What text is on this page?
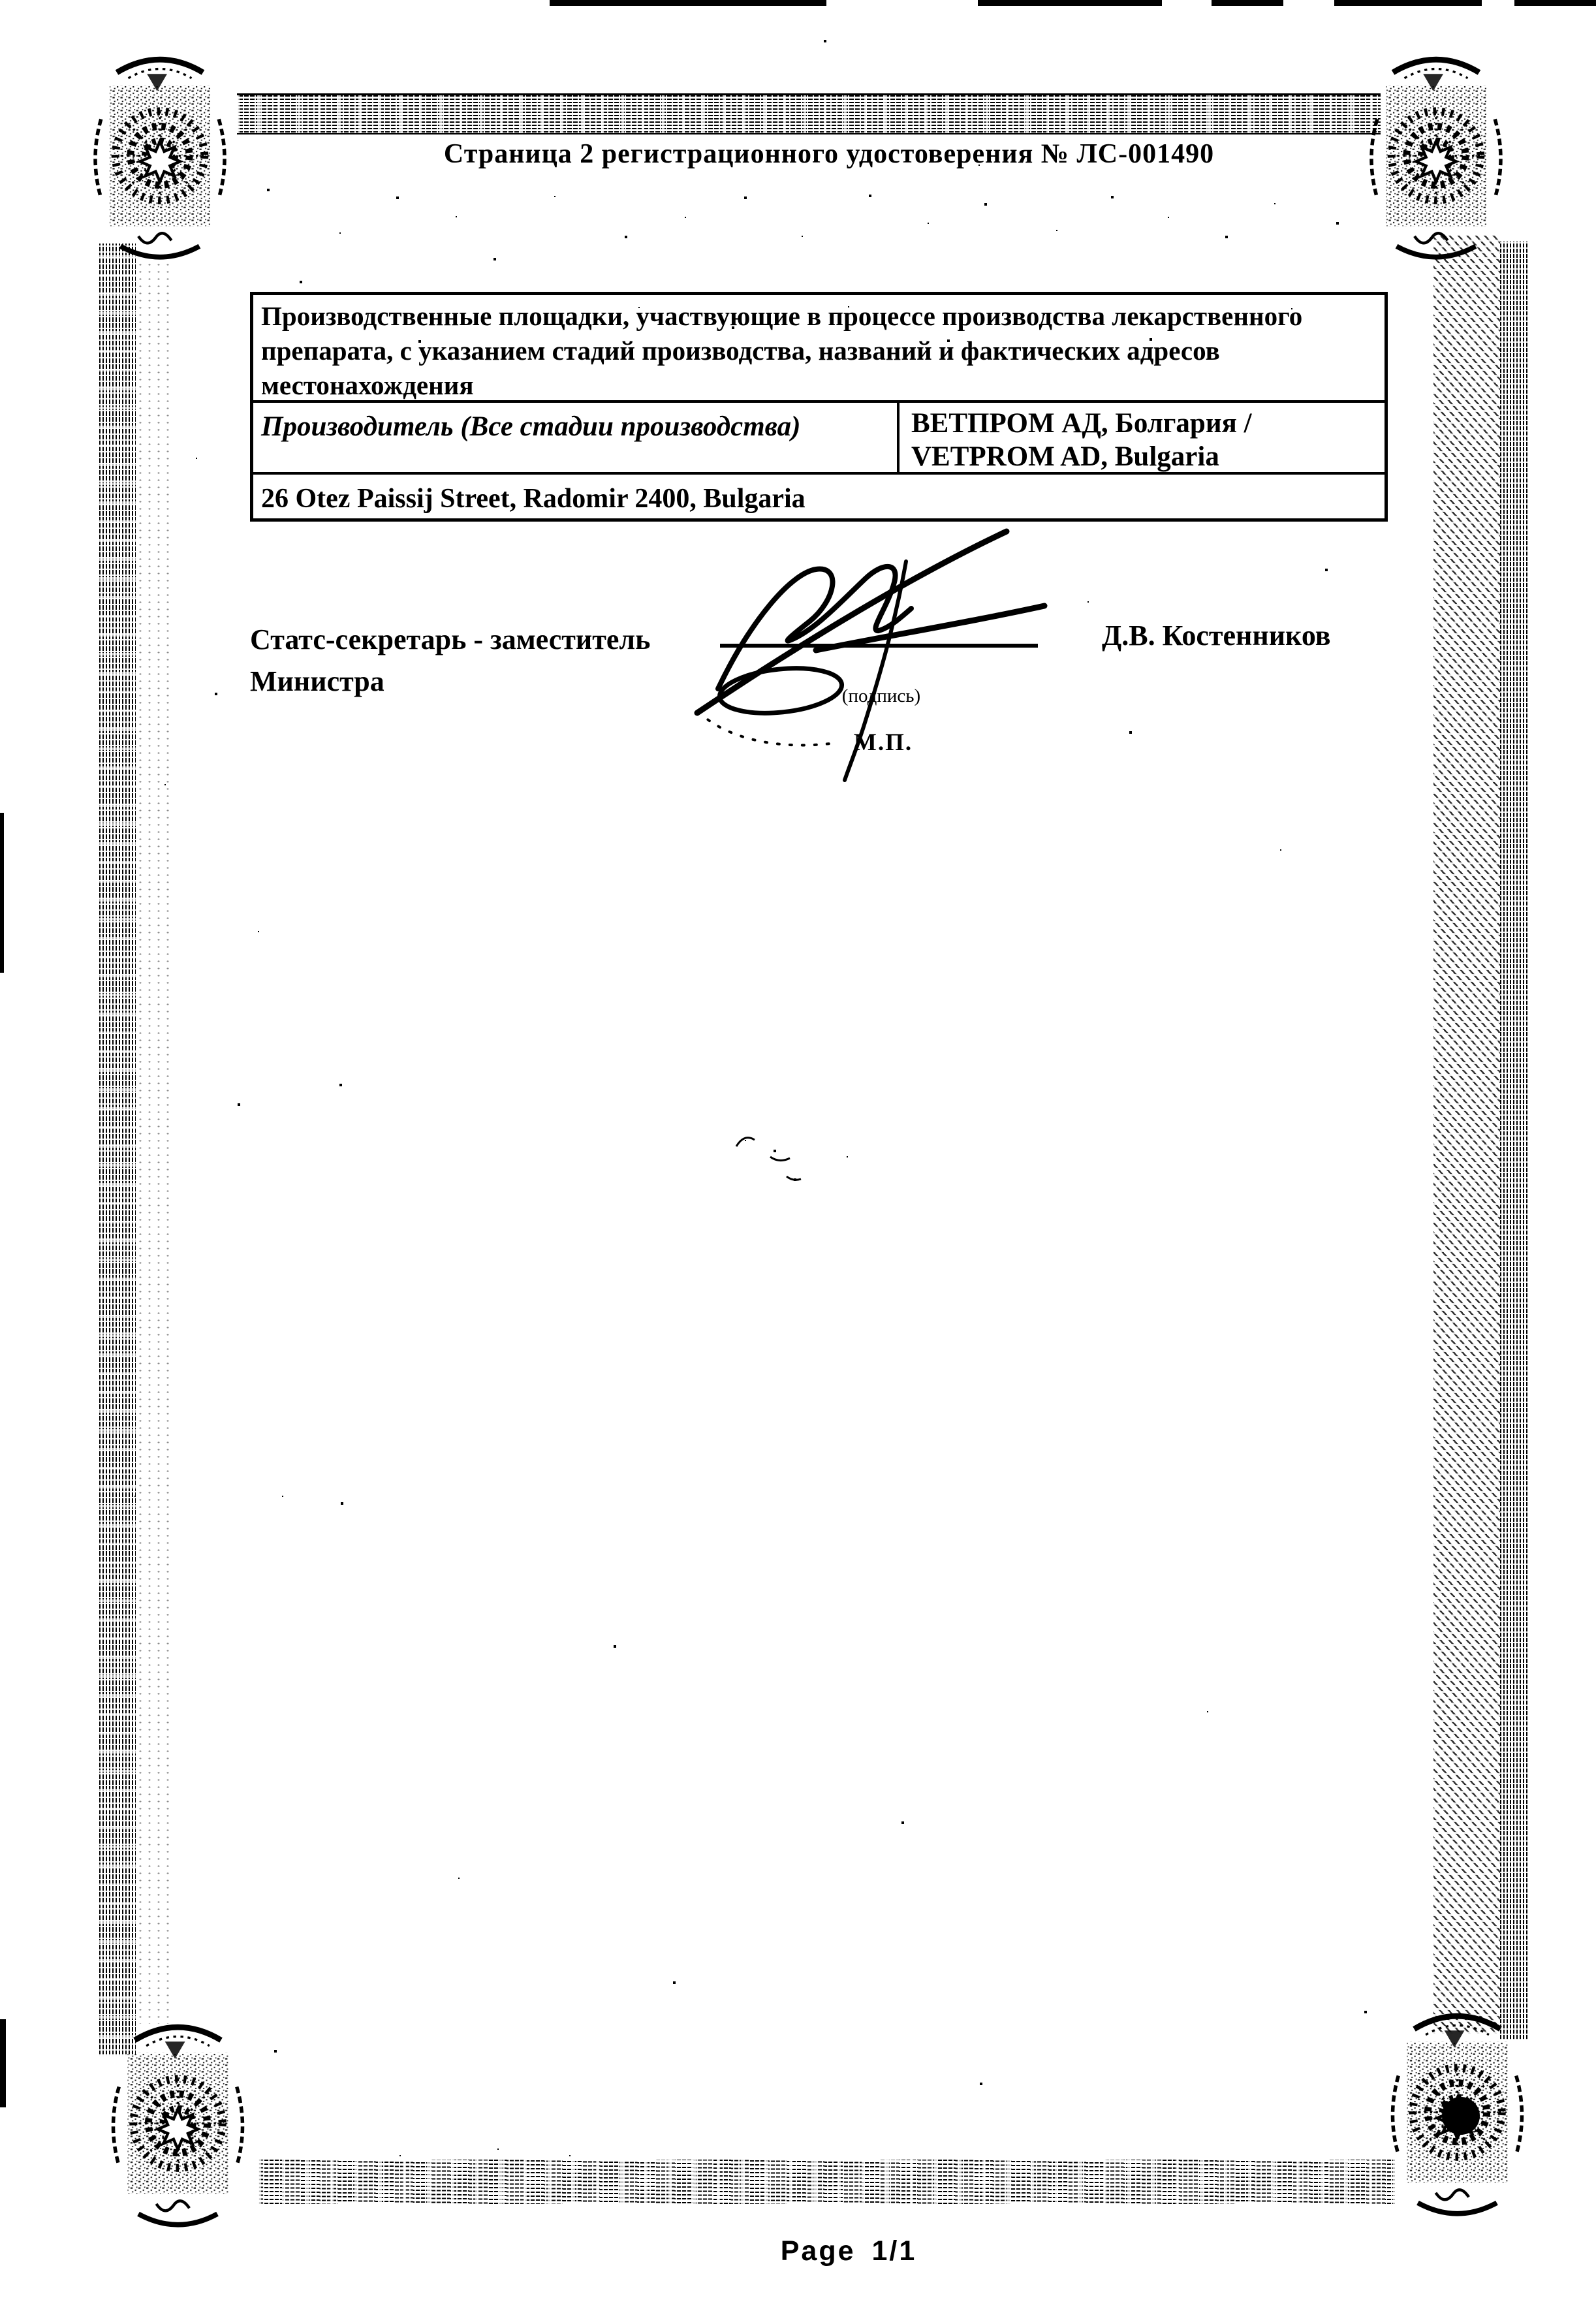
Страница 2 регистрационного удостоверения № ЛС-001490
Производственные площадки, участвующие в процессе производства лекарственного
препарата, с указанием стадий производства, названий и фактических адресов
местонахождения
Производитель (Все стадии производства)	ВЕТПРОМ АД, Болгария /
VETPROM AD, Bulgaria
26 Otez Paissij Street, Radomir 2400, Bulgaria
Статс-секретарь - заместитель
Министра	(подпись)
М.П.
Д.В. Костенников
Page 1/1
